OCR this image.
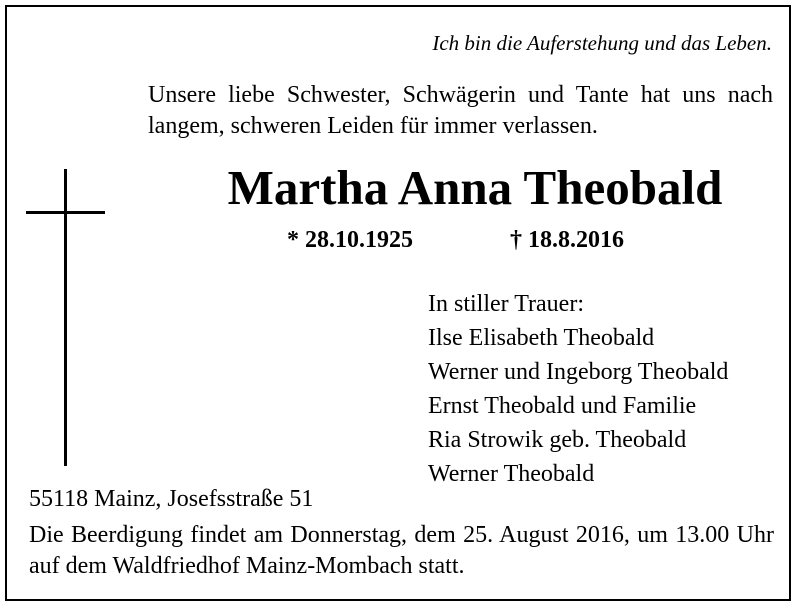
Ich bin die Auferstehung und das Leben.

Unsere liebe Schwester, Schwägerin und Tante hat uns nach langem, schweren Leiden für immer verlassen.

Martha Anna Theobald
* 28.10.1925	† 18.8.2016
In stiller Trauer:
Ilse Elisabeth Theobald
Werner und Ingeborg Theobald
Ernst Theobald und Familie
Ria Strowik geb. Theobald
Werner Theobald
55118 Mainz, Josefsstraße 51

Die Beerdigung findet am Donnerstag, dem 25. August 2016, um 13.00 Uhr auf dem Waldfriedhof Mainz-Mombach statt.
